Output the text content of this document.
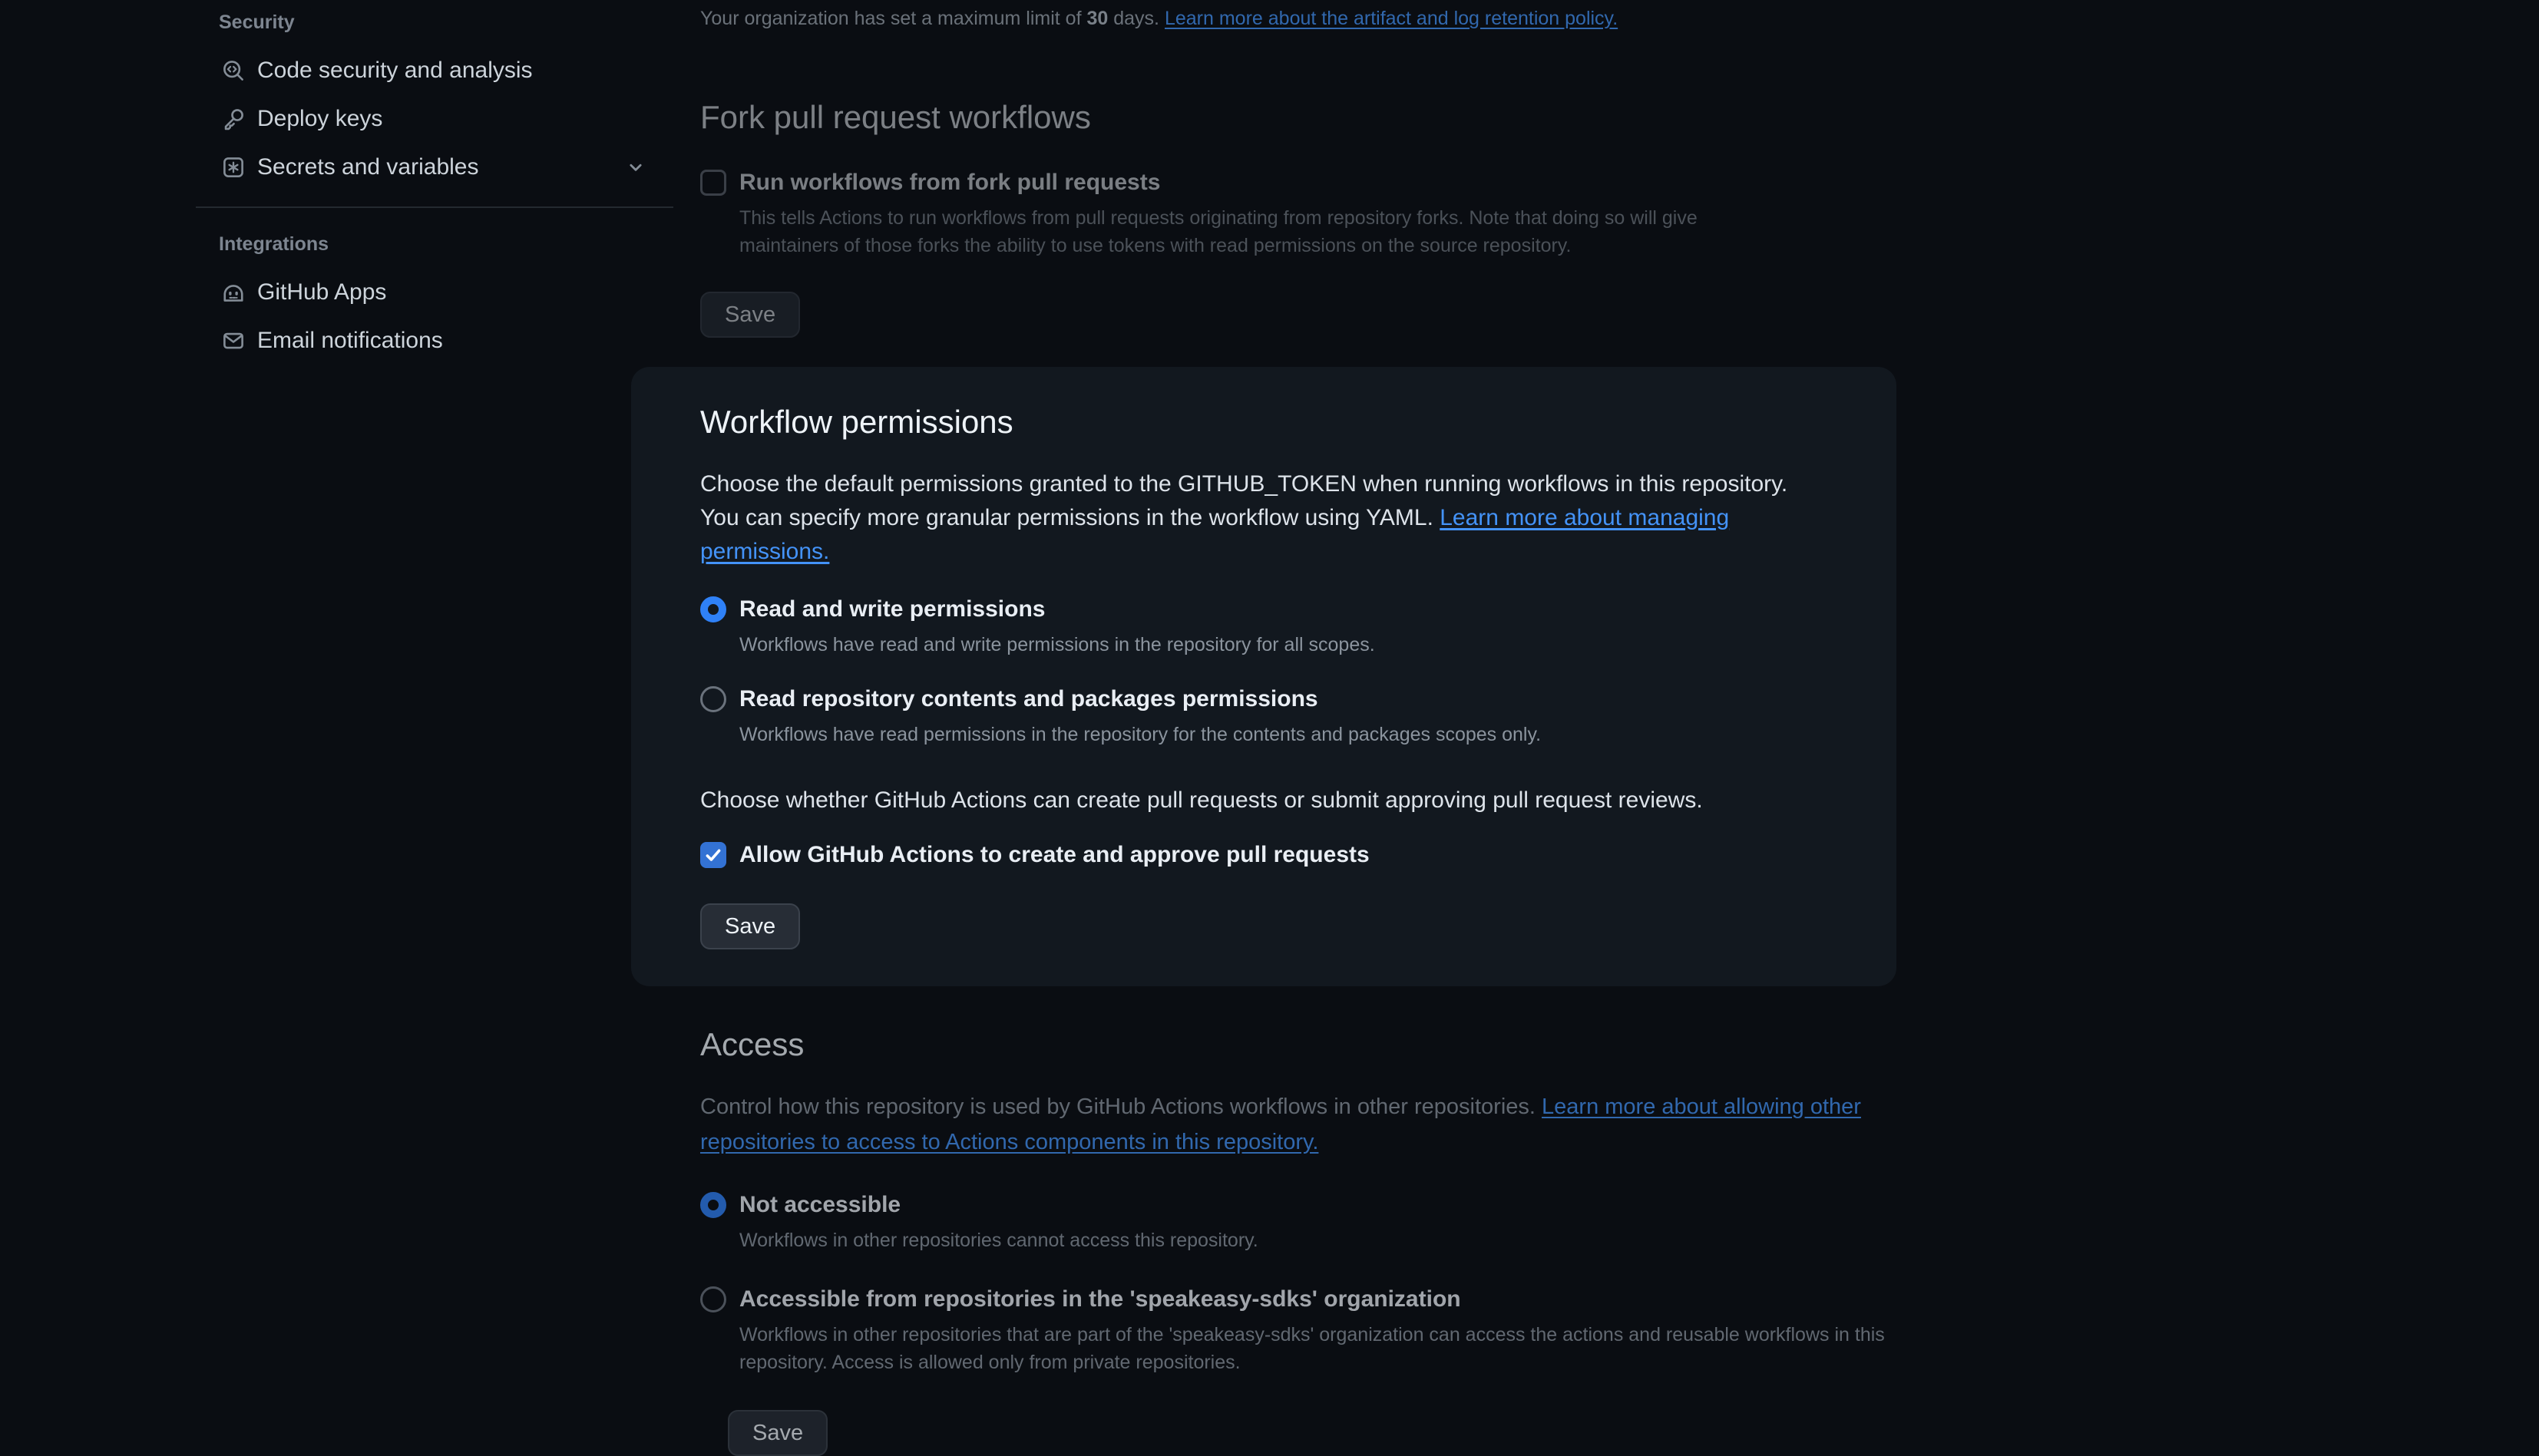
Security
Code security and analysis
Deploy keys
Secrets and variables
Integrations
GitHub Apps
Email notifications

Your organization has set a maximum limit of 30 days. Learn more about the artifact and log retention policy.

Fork pull request workflows
Run workflows from fork pull requests

This tells Actions to run workflows from pull requests originating from repository forks. Note that doing so will give maintainers of those forks the ability to use tokens with read permissions on the source repository.

Save
Workflow permissions

Choose the default permissions granted to the GITHUB_TOKEN when running workflows in this repository. You can specify more granular permissions in the workflow using YAML. Learn more about managing permissions.

Read and write permissions

Workflows have read and write permissions in the repository for all scopes.

Read repository contents and packages permissions

Workflows have read permissions in the repository for the contents and packages scopes only.

Choose whether GitHub Actions can create pull requests or submit approving pull request reviews.

Allow GitHub Actions to create and approve pull requests
Save
Access

Control how this repository is used by GitHub Actions workflows in other repositories. Learn more about allowing other repositories to access to Actions components in this repository.

Not accessible

Workflows in other repositories cannot access this repository.

Accessible from repositories in the 'speakeasy-sdks' organization

Workflows in other repositories that are part of the 'speakeasy-sdks' organization can access the actions and reusable workflows in this repository. Access is allowed only from private repositories.

Save
